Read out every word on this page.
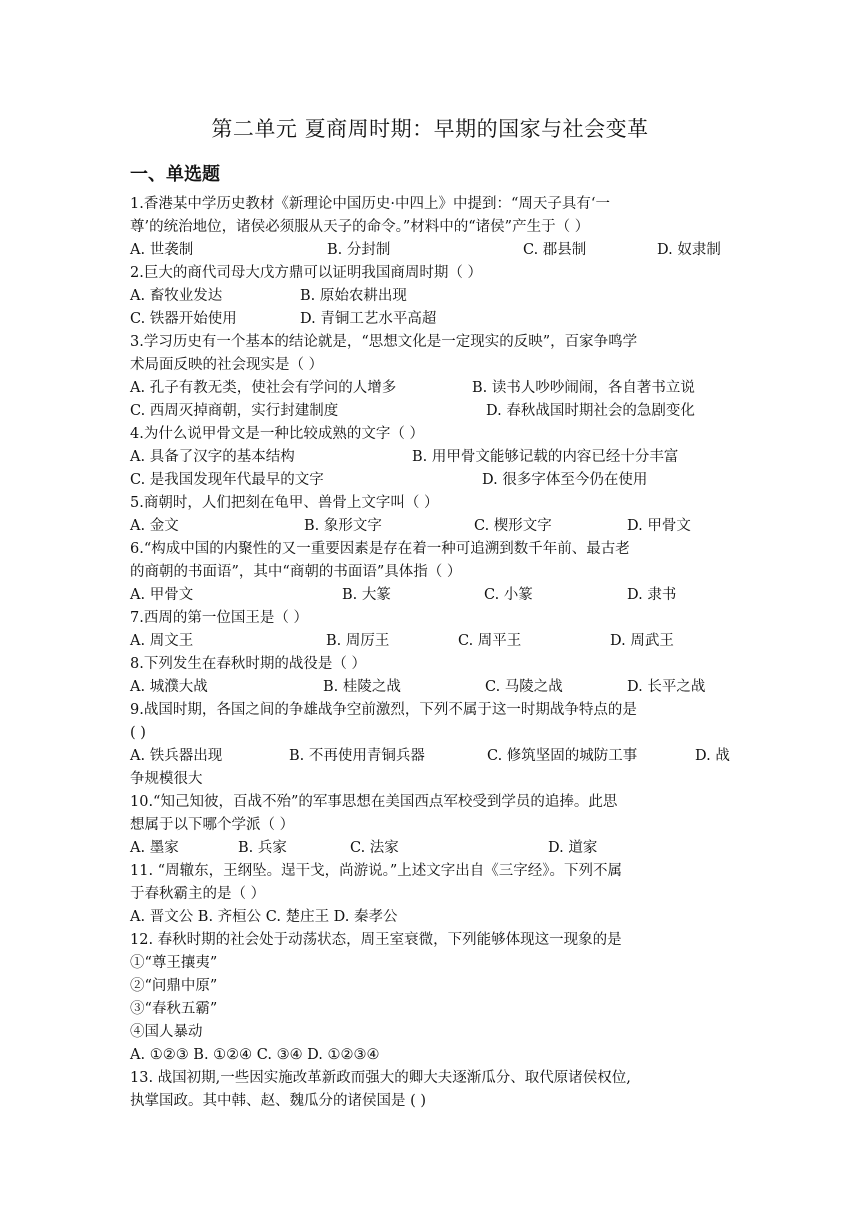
第二单元 夏商周时期：早期的国家与社会变革
一、单选题
1.香港某中学历史教材《新理论中国历史·中四上》中提到：“周天子具有‘一
尊’的统治地位，诸侯必须服从天子的命令。”材料中的“诸侯”产生于（ ）
A. 世袭制	B. 分封制	C. 郡县制	D. 奴隶制
2.巨大的商代司母大戊方鼎可以证明我国商周时期（ ）
A. 畜牧业发达	B. 原始农耕出现
C. 铁器开始使用	D. 青铜工艺水平高超
3.学习历史有一个基本的结论就是，“思想文化是一定现实的反映”，百家争鸣学
术局面反映的社会现实是（ ）
A. 孔子有教无类，使社会有学问的人增多	B. 读书人吵吵闹闹，各自著书立说
C. 西周灭掉商朝，实行封建制度	D. 春秋战国时期社会的急剧变化
4.为什么说甲骨文是一种比较成熟的文字（ ）
A. 具备了汉字的基本结构	B. 用甲骨文能够记载的内容已经十分丰富
C. 是我国发现年代最早的文字	D. 很多字体至今仍在使用
5.商朝时，人们把刻在龟甲、兽骨上文字叫（ ）
A. 金文	B. 象形文字	C. 楔形文字	D. 甲骨文
6.“构成中国的内聚性的又一重要因素是存在着一种可追溯到数千年前、最古老
的商朝的书面语”，其中“商朝的书面语”具体指（ ）
A. 甲骨文	B. 大篆	C. 小篆	D. 隶书
7.西周的第一位国王是（ ）
A. 周文王	B. 周厉王	C. 周平王	D. 周武王
8.下列发生在春秋时期的战役是（ ）
A. 城濮大战	B. 桂陵之战	C. 马陵之战	D. 长平之战
9.战国时期，各国之间的争雄战争空前激烈，下列不属于这一时期战争特点的是
( )
A. 铁兵器出现	B. 不再使用青铜兵器	C. 修筑坚固的城防工事	D. 战
争规模很大
10.“知己知彼，百战不殆”的军事思想在美国西点军校受到学员的追捧。此思
想属于以下哪个学派（ ）
A. 墨家	B. 兵家	C. 法家	D. 道家
11. “周辙东，王纲坠。逞干戈，尚游说。”上述文字出自《三字经》。下列不属
于春秋霸主的是（ ）
A. 晋文公 B. 齐桓公 C. 楚庄王 D. 秦孝公
12. 春秋时期的社会处于动荡状态，周王室衰微，下列能够体现这一现象的是
①“尊王攘夷”
②“问鼎中原”
③“春秋五霸”
④国人暴动
A. ①②③ B. ①②④ C. ③④ D. ①②③④
13. 战国初期,一些因实施改革新政而强大的卿大夫逐渐瓜分、取代原诸侯权位,
执掌国政。其中韩、赵、魏瓜分的诸侯国是 ( )
